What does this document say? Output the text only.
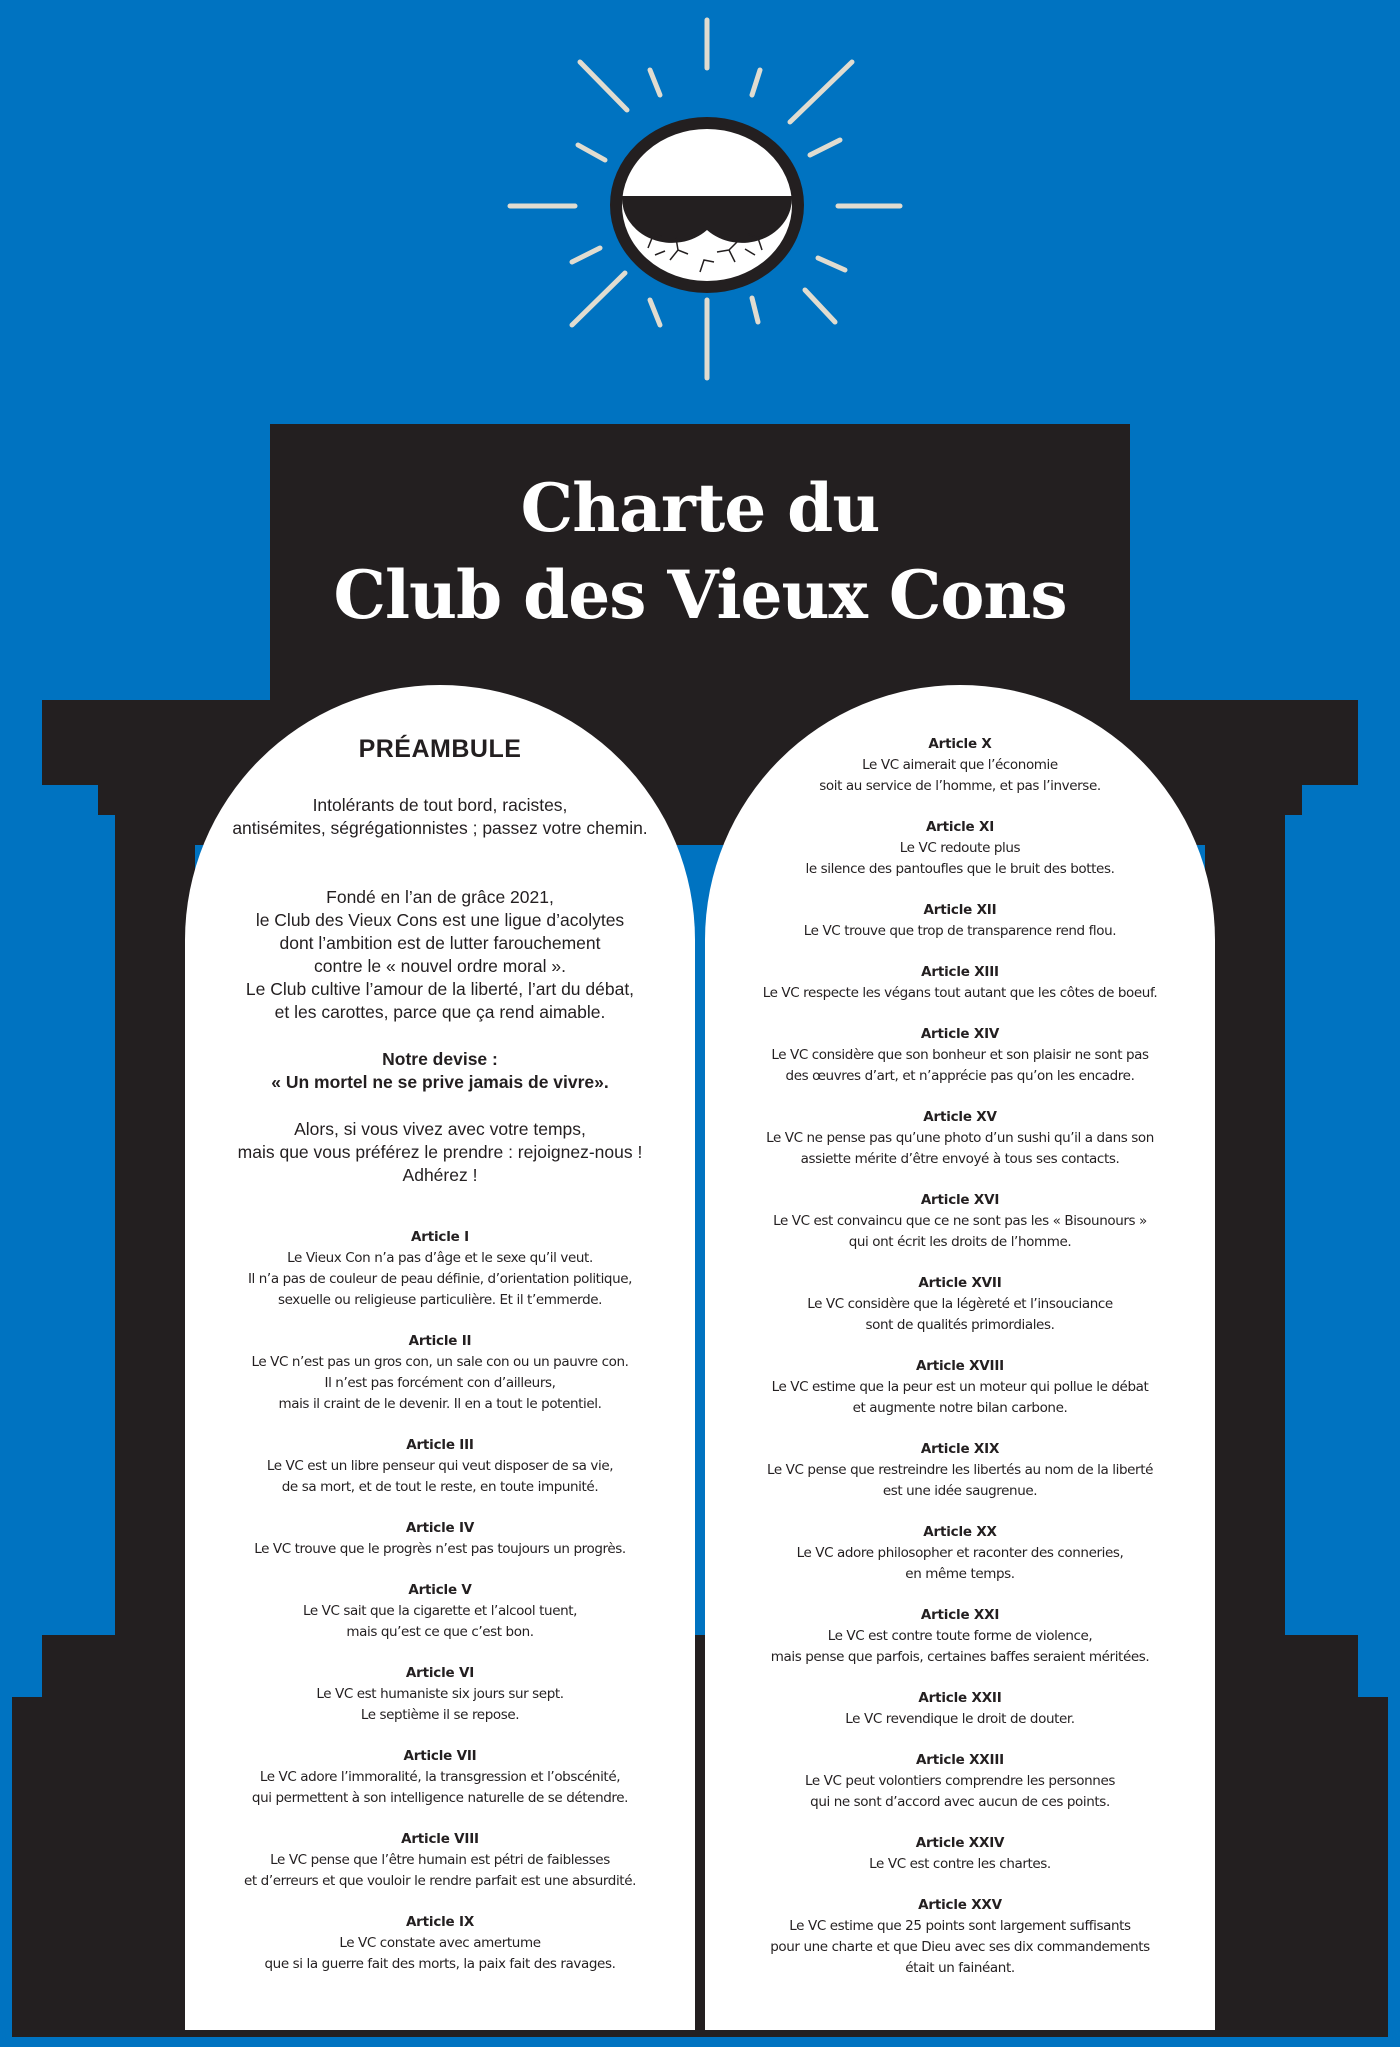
Charte du
Club des Vieux Cons
PRÉAMBULE

Intolérants de tout bord, racistes,
antisémites, ségrégationnistes ; passez votre chemin.

Fondé en l’an de grâce 2021,
le Club des Vieux Cons est une ligue d’acolytes
dont l’ambition est de lutter farouchement
contre le « nouvel ordre moral ».
Le Club cultive l’amour de la liberté, l’art du débat,
et les carottes, parce que ça rend aimable.

Notre devise :
« Un mortel ne se prive jamais de vivre».

Alors, si vous vivez avec votre temps,
mais que vous préférez le prendre : rejoignez-nous !
Adhérez !

Article I

Le Vieux Con n’a pas d’âge et le sexe qu’il veut.
Il n’a pas de couleur de peau définie, d’orientation politique,
sexuelle ou religieuse particulière. Et il t’emmerde.

Article II

Le VC n’est pas un gros con, un sale con ou un pauvre con.
Il n’est pas forcément con d’ailleurs,
mais il craint de le devenir. Il en a tout le potentiel.

Article III

Le VC est un libre penseur qui veut disposer de sa vie,
de sa mort, et de tout le reste, en toute impunité.

Article IV

Le VC trouve que le progrès n’est pas toujours un progrès.

Article V

Le VC sait que la cigarette et l’alcool tuent,
mais qu’est ce que c’est bon.

Article VI

Le VC est humaniste six jours sur sept.
Le septième il se repose.

Article VII

Le VC adore l’immoralité, la transgression et l’obscénité,
qui permettent à son intelligence naturelle de se détendre.

Article VIII

Le VC pense que l’être humain est pétri de faiblesses
et d’erreurs et que vouloir le rendre parfait est une absurdité.

Article IX

Le VC constate avec amertume
que si la guerre fait des morts, la paix fait des ravages.

Article X

Le VC aimerait que l’économie
soit au service de l’homme, et pas l’inverse.

Article XI

Le VC redoute plus
le silence des pantoufles que le bruit des bottes.

Article XII

Le VC trouve que trop de transparence rend flou.

Article XIII

Le VC respecte les végans tout autant que les côtes de boeuf.

Article XIV

Le VC considère que son bonheur et son plaisir ne sont pas
des œuvres d’art, et n’apprécie pas qu’on les encadre.

Article XV

Le VC ne pense pas qu’une photo d’un sushi qu’il a dans son
assiette mérite d’être envoyé à tous ses contacts.

Article XVI

Le VC est convaincu que ce ne sont pas les « Bisounours »
qui ont écrit les droits de l’homme.

Article XVII

Le VC considère que la légèreté et l’insouciance
sont de qualités primordiales.

Article XVIII

Le VC estime que la peur est un moteur qui pollue le débat
et augmente notre bilan carbone.

Article XIX

Le VC pense que restreindre les libertés au nom de la liberté
est une idée saugrenue.

Article XX

Le VC adore philosopher et raconter des conneries,
en même temps.

Article XXI

Le VC est contre toute forme de violence,
mais pense que parfois, certaines baffes seraient méritées.

Article XXII

Le VC revendique le droit de douter.

Article XXIII

Le VC peut volontiers comprendre les personnes
qui ne sont d’accord avec aucun de ces points.

Article XXIV

Le VC est contre les chartes.

Article XXV

Le VC estime que 25 points sont largement suffisants
pour une charte et que Dieu avec ses dix commandements
était un fainéant.
